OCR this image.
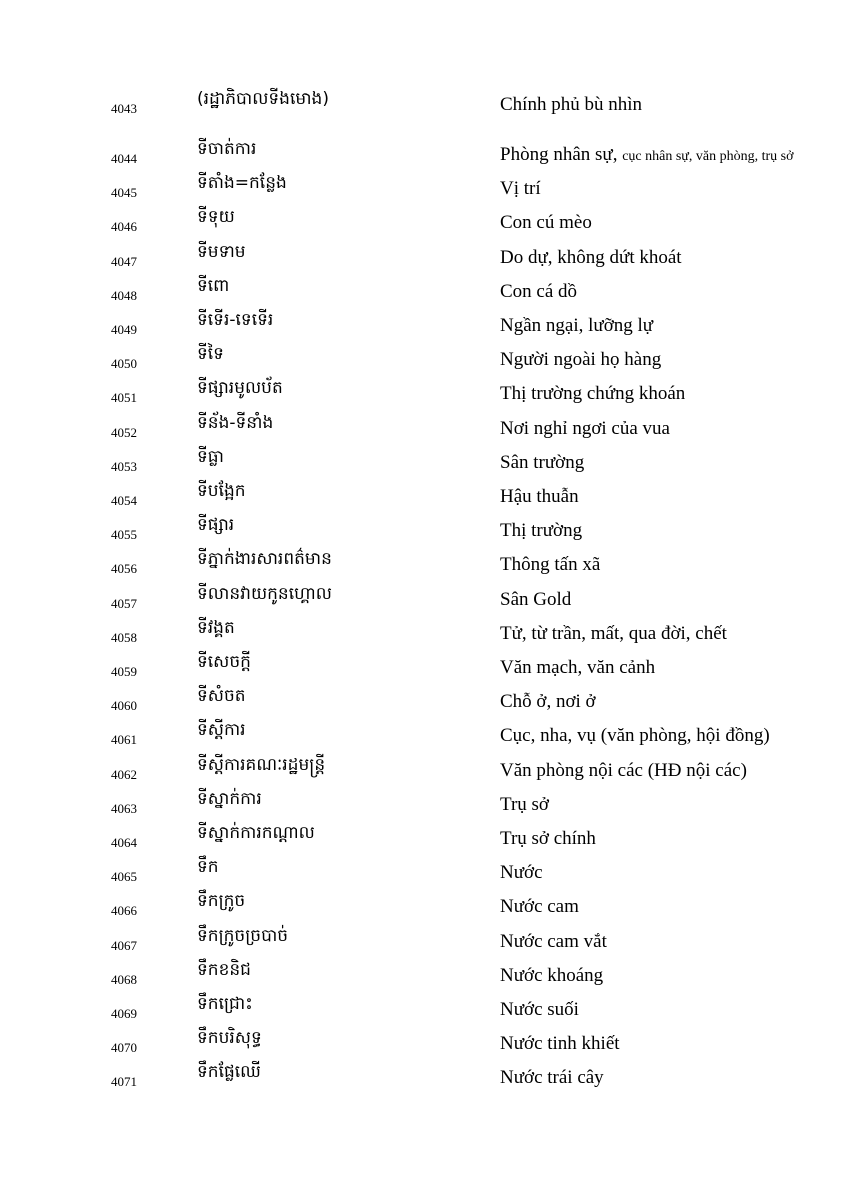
4043	(រដ្ឋាភិបាលទីងមោង)	Chính phủ bù nhìn
4044	ទីចាត់ការ	Phòng nhân sự, cục nhân sự, văn phòng, trụ sở
4045	ទីតាំង=កន្លែង	Vị trí
4046	ទីទុយ	Con cú mèo
4047	ទីមទាម	Do dự, không dứt khoát
4048	ទីពោ	Con cá dồ
4049	ទីទើរ-ទេទើរ	Ngần ngại, lưỡng lự
4050	ទីទៃ	Người ngoài họ hàng
4051	ទីផ្សារមូលប័ត	Thị trường chứng khoán
4052	ទីន័ង-ទីនាំង	Nơi nghỉ ngơi của vua
4053	ទីធ្លា	Sân trường
4054	ទីបង្អែក	Hậu thuẫn
4055	ទីផ្សារ	Thị trường
4056	ទីភ្នាក់ងារសារពត៌មាន	Thông tấn xã
4057	ទីលានវាយកូនហ្គោល	Sân Gold
4058	ទីវង្គត	Tử, từ trần, mất, qua đời, chết
4059	ទីសេចក្តី	Văn mạch, văn cảnh
4060	ទីសំចត	Chỗ ở, nơi ở
4061	ទីស្តីការ	Cục, nha, vụ (văn phòng, hội đồng)
4062	ទីស្តីការគណៈរដ្ឋមន្ត្រី	Văn phòng nội các (HĐ nội các)
4063	ទីស្នាក់ការ	Trụ sở
4064	ទីស្នាក់ការកណ្តាល	Trụ sở chính
4065	ទឹក	Nước
4066	ទឹកក្រូច	Nước cam
4067	ទឹកក្រូចច្របាច់	Nước cam vắt
4068	ទឹកខនិជ	Nước khoáng
4069	ទឹកជ្រោះ	Nước suối
4070	ទឹកបរិសុទ្ធ	Nước tinh khiết
4071	ទឹកផ្លែឈើ	Nước trái cây
